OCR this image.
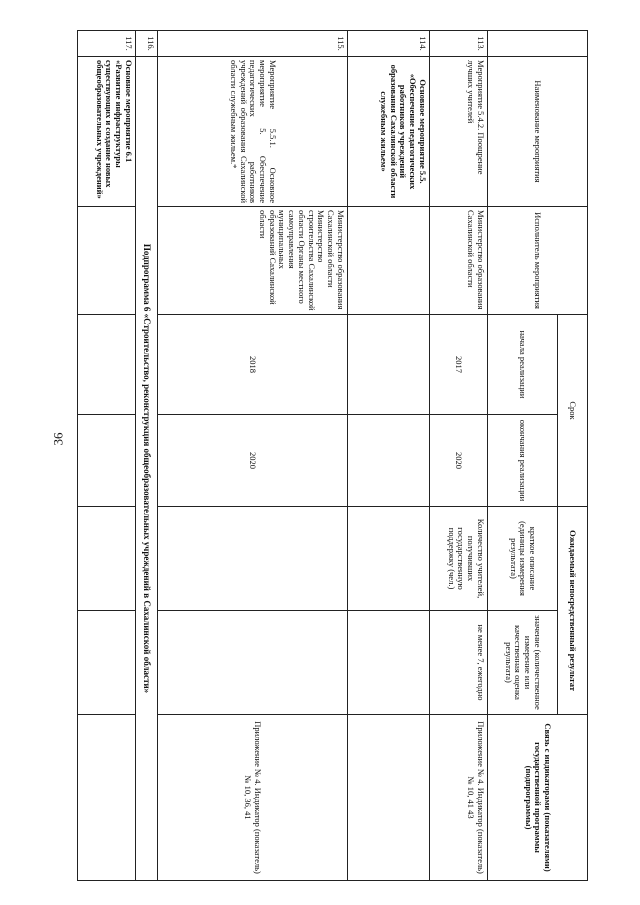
36
	Наименование мероприятия	Исполнитель мероприятия	Срок		Ожидаемый непосредственный результат		Связь с индикаторами (показателями) государственной программы (подпрограммы)
			начала реализации	окончания реализации	краткое описание (единицы измерения результата)	значение (количественное измерение или качественная оценка результата)	
113.	Мероприятие 5.4.2. Поощрение лучших учителей	Министерство образования Сахалинской области	2017	2020	Количество учителей, получивших государственную поддержку (чел.)	не менее 7, ежегодно	Приложение № 4. Индикатор (показатель) № 10, 41 43
114.	Основное мероприятие 5.5. «Обеспечение педагогических работников учреждений образования Сахалинской области служебным жильем»						
115.	Мероприятие 5.5.1. Основное мероприятие 5. Обеспечение педагогических работников учреждений образования Сахалинской области служебным жильем.*	Министерство образования Сахалинской области Министерство строительства Сахалинской области Органы местного самоуправления муниципальных образований Сахалинской области	2018	2020			Приложение № 4. Индикатор (показатель) № 10, 36, 41
116.	Подпрограмма 6 «Строительство, реконструкция общеобразовательных учреждений в Сахалинской области»						
117.	Основное мероприятие 6.1 «Развитие инфраструктуры существующих и создание новых общеобразовательных учреждений»						
